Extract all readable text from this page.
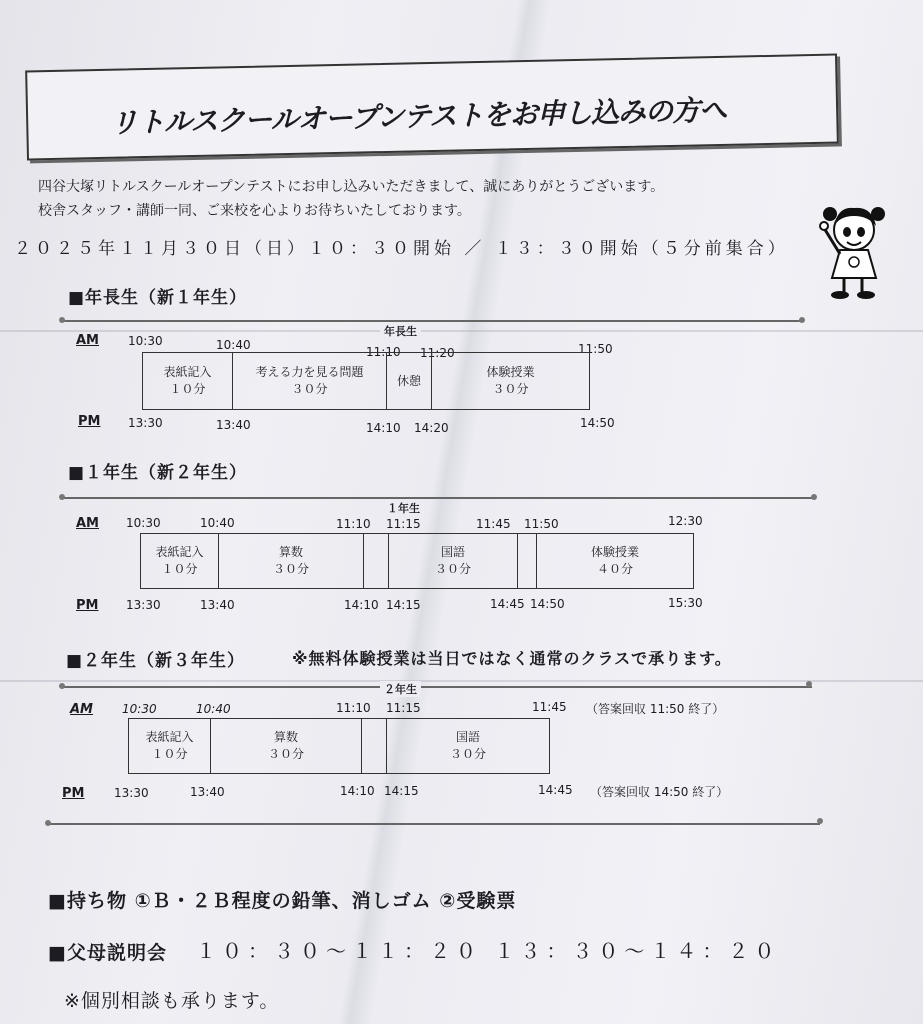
リトルスクールオープンテストをお申し込みの方へ
四谷大塚リトルスクールオープンテストにお申し込みいただきまして、誠にありがとうございます。
校舎スタッフ・講師一同、ご来校を心よりお待ちいたしております。
２０２５年１１月３０日（日）１０：３０開始 ／ １３：３０開始（５分前集合）
■年長生（新１年生）
年長生
AM 10:30	10:40	11:10 11:20	11:50
表紙記入
１０分
考える力を見る問題
３０分
休憩
体験授業
３０分
PM 13:30	13:40	14:10 14:20	14:50
■１年生（新２年生）
１年生
AM 10:30	10:40	11:10 11:15	11:45 11:50	12:30
表紙記入
１０分
算数
３０分
国語
３０分
体験授業
４０分
PM 13:30	13:40	14:10 14:15	14:45 14:50	15:30
■２年生（新３年生）	※無料体験授業は当日ではなく通常のクラスで承ります。
２年生
AM 10:30	10:40	11:10 11:15	11:45 （答案回収 11:50 終了）
表紙記入
１０分
算数
３０分
国語
３０分
PM 13:30	13:40	14:10 14:15	14:45 （答案回収 14:50 終了）
■持ち物 ①Ｂ・２Ｂ程度の鉛筆、消しゴム ②受験票
■父母説明会 １０：３０～１１：２０ １３：３０～１４：２０
※個別相談も承ります。
